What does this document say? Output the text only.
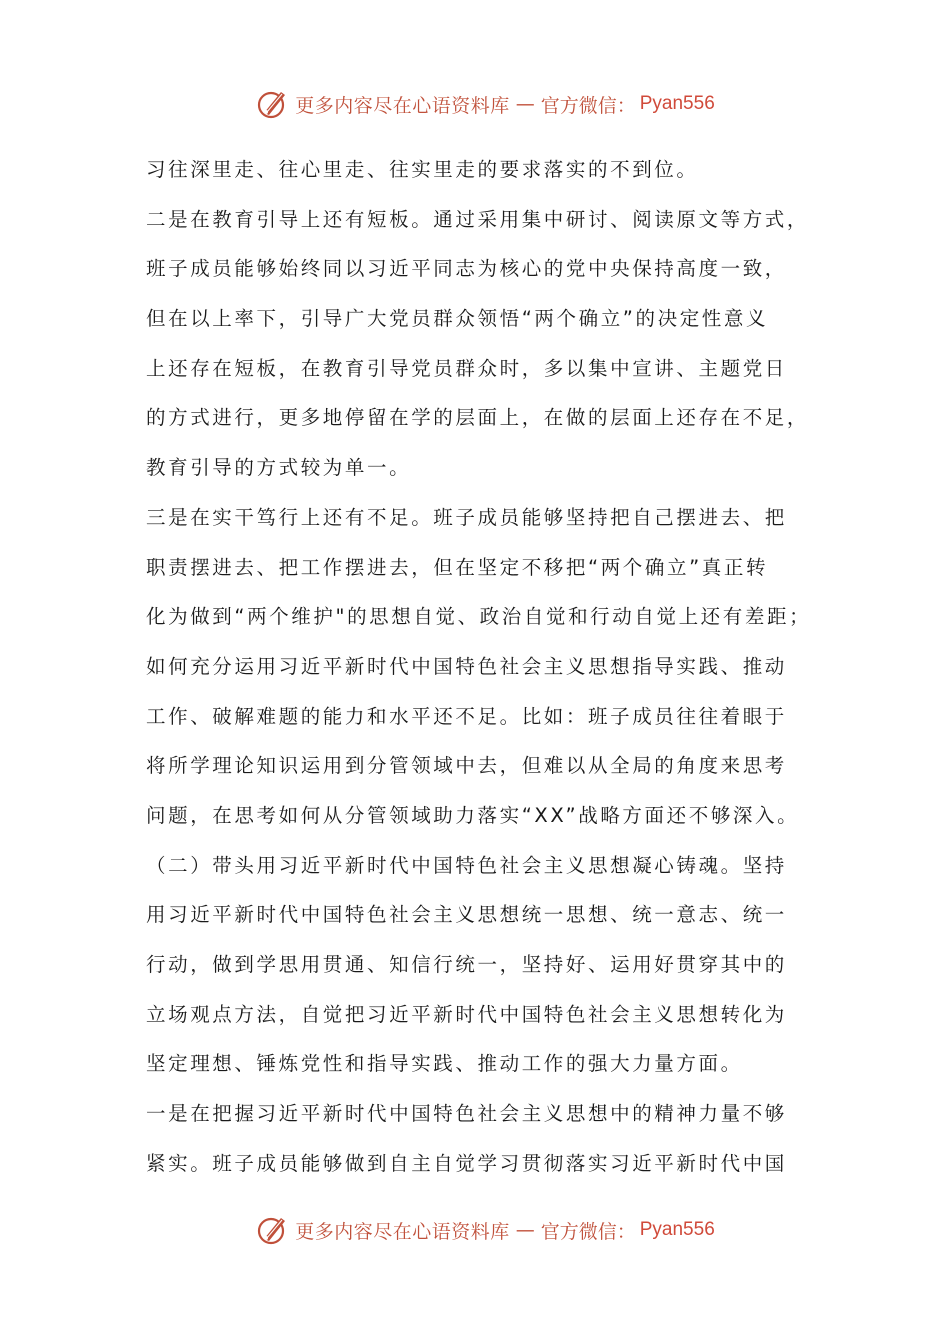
更多内容尽在心语资料库 — 官方微信： Pyan556
习往深里走、往心里走、往实里走的要求落实的不到位。
二是在教育引导上还有短板。通过采用集中研讨、阅读原文等方式，
班子成员能够始终同以习近平同志为核心的党中央保持高度一致，
但在以上率下，引导广大党员群众领悟“两个确立”的决定性意义
上还存在短板，在教育引导党员群众时，多以集中宣讲、主题党日
的方式进行，更多地停留在学的层面上，在做的层面上还存在不足，
教育引导的方式较为单一。
三是在实干笃行上还有不足。班子成员能够坚持把自己摆进去、把
职责摆进去、把工作摆进去，但在坚定不移把“两个确立”真正转
化为做到“两个维护"的思想自觉、政治自觉和行动自觉上还有差距；
如何充分运用习近平新时代中国特色社会主义思想指导实践、推动
工作、破解难题的能力和水平还不足。比如：班子成员往往着眼于
将所学理论知识运用到分管领域中去，但难以从全局的角度来思考
问题，在思考如何从分管领域助力落实“XX”战略方面还不够深入。
（二）带头用习近平新时代中国特色社会主义思想凝心铸魂。坚持
用习近平新时代中国特色社会主义思想统一思想、统一意志、统一
行动，做到学思用贯通、知信行统一，坚持好、运用好贯穿其中的
立场观点方法，自觉把习近平新时代中国特色社会主义思想转化为
坚定理想、锤炼党性和指导实践、推动工作的强大力量方面。
一是在把握习近平新时代中国特色社会主义思想中的精神力量不够
紧实。班子成员能够做到自主自觉学习贯彻落实习近平新时代中国
更多内容尽在心语资料库 — 官方微信： Pyan556
